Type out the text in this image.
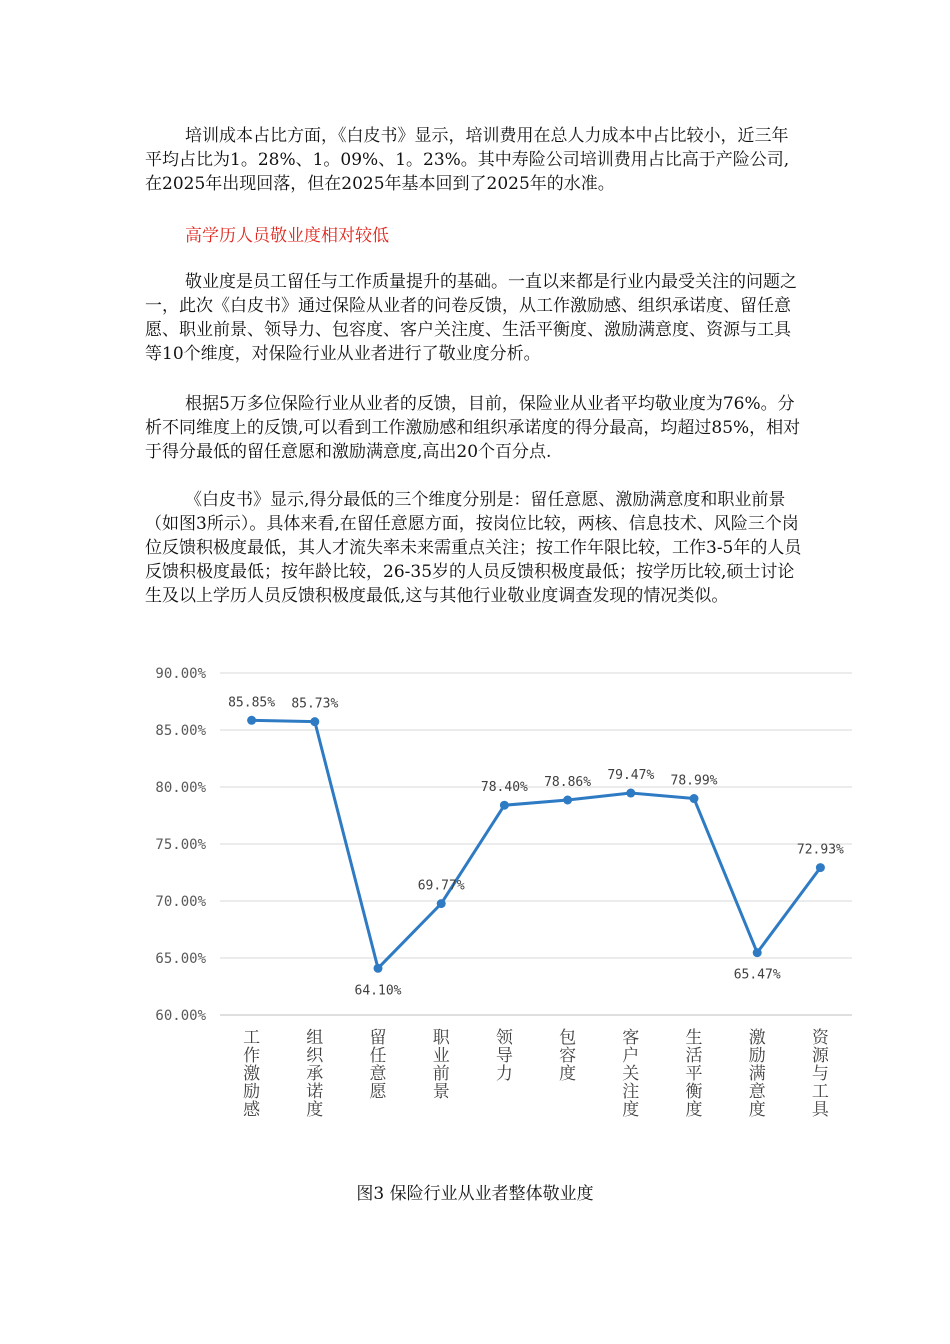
培训成本占比方面，《白皮书》显示，培训费用在总人力成本中占比较小，近三年平均占比为1。28%、1。09%、1。23%。其中寿险公司培训费用占比高于产险公司,在2025年出现回落，但在2025年基本回到了2025年的水准。

高学历人员敬业度相对较低

敬业度是员工留任与工作质量提升的基础。一直以来都是行业内最受关注的问题之一，此次《白皮书》通过保险从业者的问卷反馈，从工作激励感、组织承诺度、留任意愿、职业前景、领导力、包容度、客户关注度、生活平衡度、激励满意度、资源与工具等10个维度，对保险行业从业者进行了敬业度分析。

根据5万多位保险行业从业者的反馈，目前，保险业从业者平均敬业度为76%。分析不同维度上的反馈,可以看到工作激励感和组织承诺度的得分最高，均超过85%，相对于得分最低的留任意愿和激励满意度,高出20个百分点.

《白皮书》显示,得分最低的三个维度分别是：留任意愿、激励满意度和职业前景（如图3所示）。具体来看,在留任意愿方面，按岗位比较，两核、信息技术、风险三个岗位反馈积极度最低，其人才流失率未来需重点关注；按工作年限比较，工作3-5年的人员反馈积极度最低；按年龄比较，26-35岁的人员反馈积极度最低；按学历比较,硕士讨论生及以上学历人员反馈积极度最低,这与其他行业敬业度调查发现的情况类似。

60.00%
65.00%
70.00%
75.00%
80.00%
85.00%
90.00%
85.85% 85.73%
64.10%
69.77%
78.40% 78.86% 79.47% 78.99%
65.47%
72.93%
工作激励感
组织承诺度
留任意愿
职业前景
领导力
包容度
客户关注度
生活平衡度
激励满意度
资源与工具
图3 保险行业从业者整体敬业度
